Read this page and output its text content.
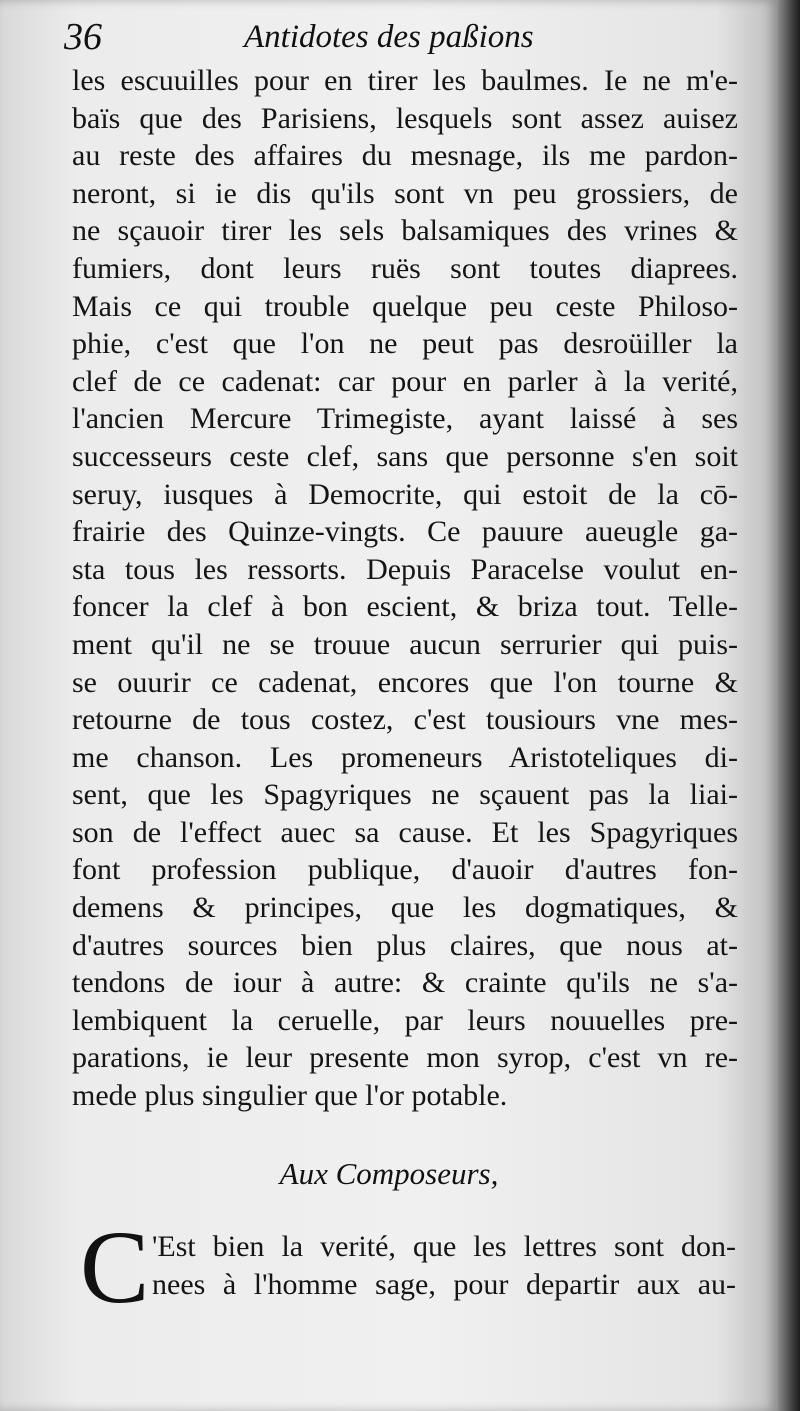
36	Antidotes des paßions
les escuuilles pour en tirer les baulmes. Ie ne m'e-
baïs que des Parisiens, lesquels sont assez auisez
au reste des affaires du mesnage, ils me pardon-
neront, si ie dis qu'ils sont vn peu grossiers, de
ne sçauoir tirer les sels balsamiques des vrines &
fumiers, dont leurs ruës sont toutes diaprees.
Mais ce qui trouble quelque peu ceste Philoso-
phie, c'est que l'on ne peut pas desroüiller la
clef de ce cadenat: car pour en parler à la verité,
l'ancien Mercure Trimegiste, ayant laissé à ses
successeurs ceste clef, sans que personne s'en soit
seruy, iusques à Democrite, qui estoit de la cō-
frairie des Quinze-vingts. Ce pauure aueugle ga-
sta tous les ressorts. Depuis Paracelse voulut en-
foncer la clef à bon escient, & briza tout. Telle-
ment qu'il ne se trouue aucun serrurier qui puis-
se ouurir ce cadenat, encores que l'on tourne &
retourne de tous costez, c'est tousiours vne mes-
me chanson. Les promeneurs Aristoteliques di-
sent, que les Spagyriques ne sçauent pas la liai-
son de l'effect auec sa cause. Et les Spagyriques
font profession publique, d'auoir d'autres fon-
demens & principes, que les dogmatiques, &
d'autres sources bien plus claires, que nous at-
tendons de iour à autre: & crainte qu'ils ne s'a-
lembiquent la ceruelle, par leurs nouuelles pre-
parations, ie leur presente mon syrop, c'est vn re-
mede plus singulier que l'or potable.
Aux Composeurs,
C 'Est bien la verité, que les lettres sont don-
nees à l'homme sage, pour departir aux au-
